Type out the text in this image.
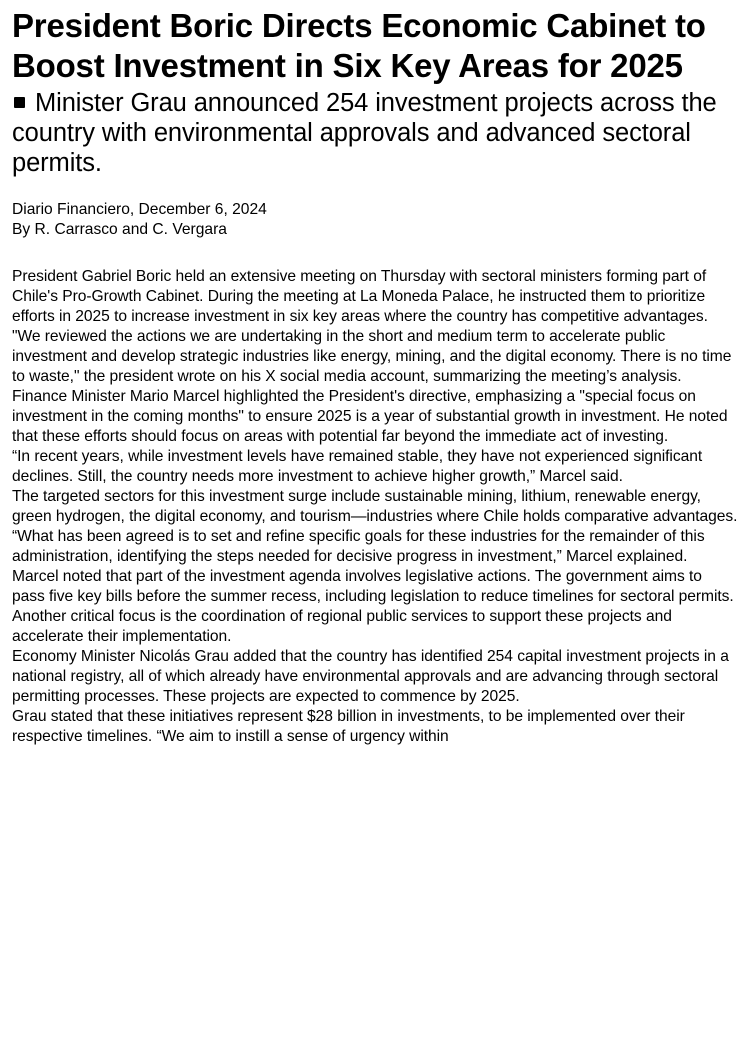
President Boric Directs Economic Cabinet to Boost Investment in Six Key Areas for 2025
Minister Grau announced 254 investment projects across the country with environmental approvals and advanced sectoral permits.
Diario Financiero, December 6, 2024
By R. Carrasco and C. Vergara

President Gabriel Boric held an extensive meeting on Thursday with sectoral ministers forming part of Chile's Pro-Growth Cabinet. During the meeting at La Moneda Palace, he instructed them to prioritize efforts in 2025 to increase investment in six key areas where the country has competitive advantages.

"We reviewed the actions we are undertaking in the short and medium term to accelerate public investment and develop strategic industries like energy, mining, and the digital economy. There is no time to waste," the president wrote on his X social media account, summarizing the meeting’s analysis.

Finance Minister Mario Marcel highlighted the President's directive, emphasizing a "special focus on investment in the coming months" to ensure 2025 is a year of substantial growth in investment. He noted that these efforts should focus on areas with potential far beyond the immediate act of investing.

“In recent years, while investment levels have remained stable, they have not experienced significant declines. Still, the country needs more investment to achieve higher growth,” Marcel said.

The targeted sectors for this investment surge include sustainable mining, lithium, renewable energy, green hydrogen, the digital economy, and tourism—industries where Chile holds comparative advantages.

“What has been agreed is to set and refine specific goals for these industries for the remainder of this administration, identifying the steps needed for decisive progress in investment,” Marcel explained.

Marcel noted that part of the investment agenda involves legislative actions. The government aims to pass five key bills before the summer recess, including legislation to reduce timelines for sectoral permits.

Another critical focus is the coordination of regional public services to support these projects and accelerate their implementation.

Economy Minister Nicolás Grau added that the country has identified 254 capital investment projects in a national registry, all of which already have environmental approvals and are advancing through sectoral permitting processes. These projects are expected to commence by 2025.

Grau stated that these initiatives represent $28 billion in investments, to be implemented over their respective timelines. “We aim to instill a sense of urgency within
